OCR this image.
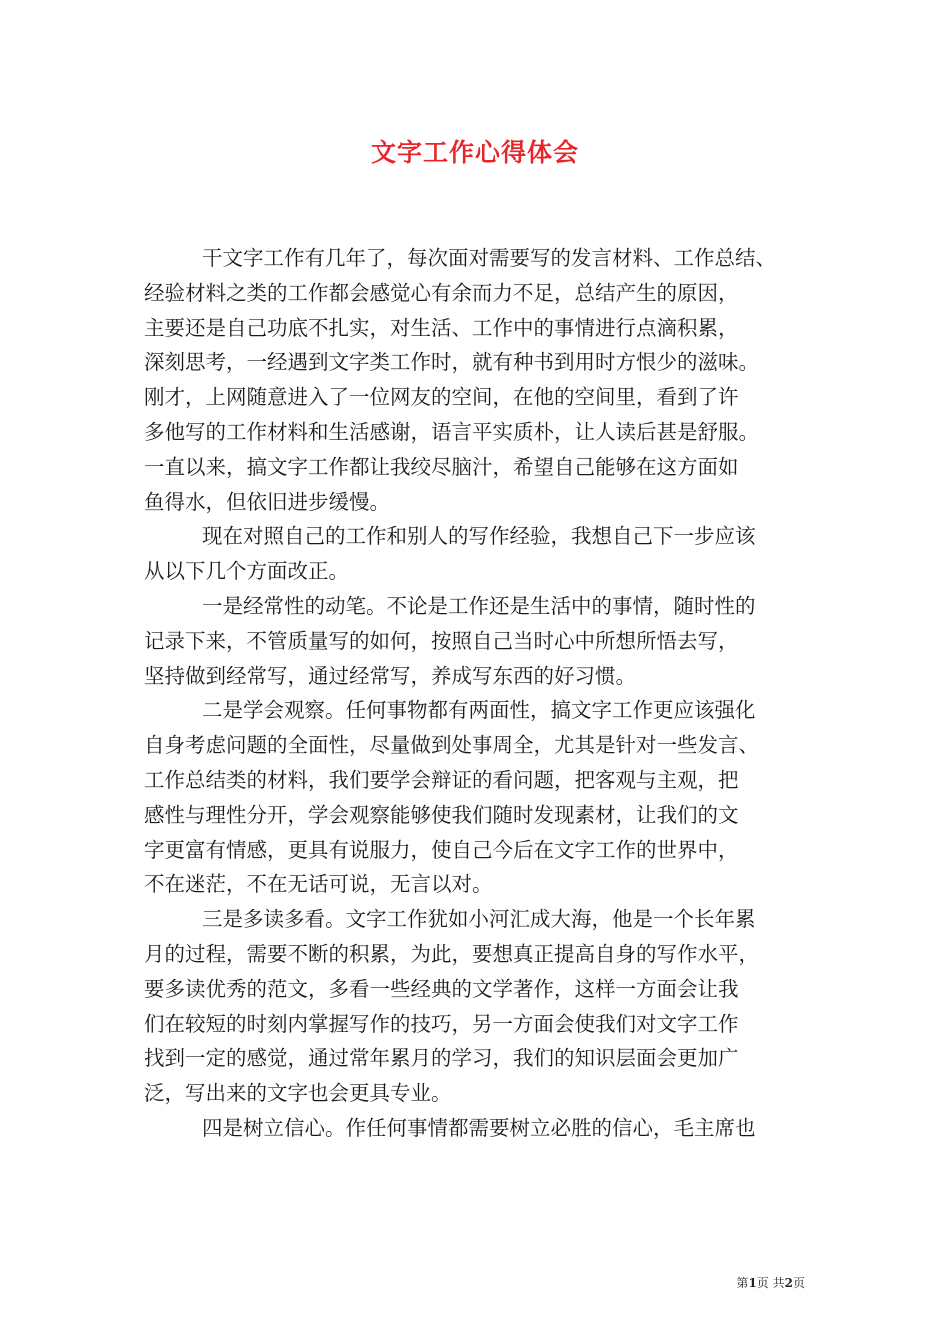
文字工作心得体会
干文字工作有几年了，每次面对需要写的发言材料、工作总结、
经验材料之类的工作都会感觉心有余而力不足，总结产生的原因，
主要还是自己功底不扎实，对生活、工作中的事情进行点滴积累，
深刻思考，一经遇到文字类工作时，就有种书到用时方恨少的滋味。
刚才，上网随意进入了一位网友的空间，在他的空间里，看到了许
多他写的工作材料和生活感谢，语言平实质朴，让人读后甚是舒服。
一直以来，搞文字工作都让我绞尽脑汁，希望自己能够在这方面如
鱼得水，但依旧进步缓慢。
现在对照自己的工作和别人的写作经验，我想自己下一步应该
从以下几个方面改正。
一是经常性的动笔。不论是工作还是生活中的事情，随时性的
记录下来，不管质量写的如何，按照自己当时心中所想所悟去写，
坚持做到经常写，通过经常写，养成写东西的好习惯。
二是学会观察。任何事物都有两面性，搞文字工作更应该强化
自身考虑问题的全面性，尽量做到处事周全，尤其是针对一些发言、
工作总结类的材料，我们要学会辩证的看问题，把客观与主观，把
感性与理性分开，学会观察能够使我们随时发现素材，让我们的文
字更富有情感，更具有说服力，使自己今后在文字工作的世界中，
不在迷茫，不在无话可说，无言以对。
三是多读多看。文字工作犹如小河汇成大海，他是一个长年累
月的过程，需要不断的积累，为此，要想真正提高自身的写作水平，
要多读优秀的范文，多看一些经典的文学著作，这样一方面会让我
们在较短的时刻内掌握写作的技巧，另一方面会使我们对文字工作
找到一定的感觉，通过常年累月的学习，我们的知识层面会更加广
泛，写出来的文字也会更具专业。
四是树立信心。作任何事情都需要树立必胜的信心，毛主席也
第1页 共2页
